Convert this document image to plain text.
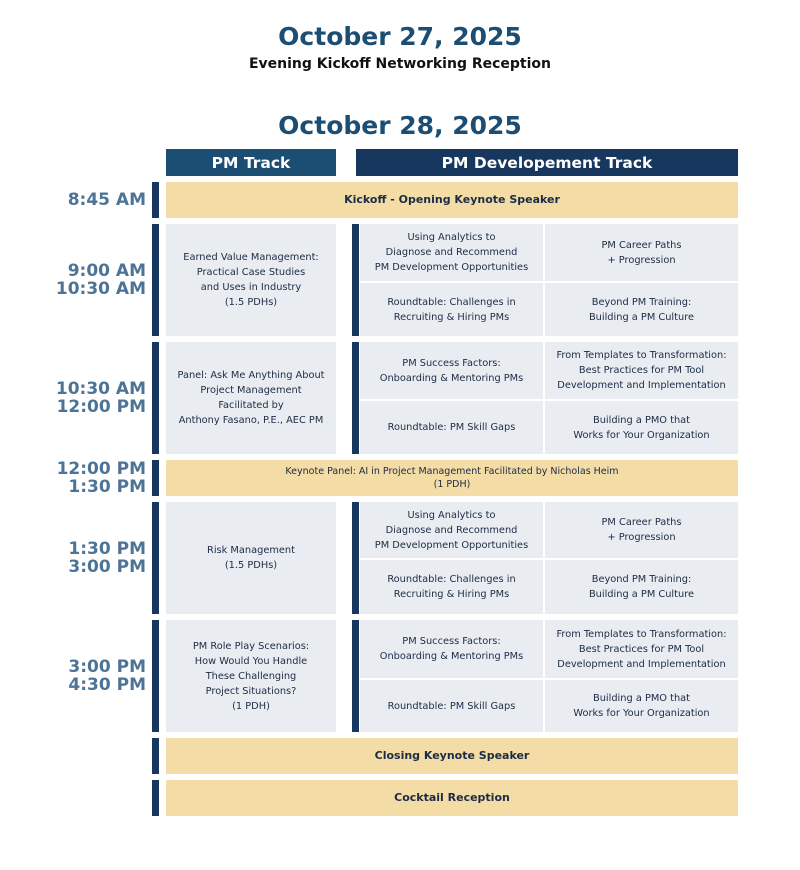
October 27, 2025
Evening Kickoff Networking Reception
October 28, 2025
PM Track	PM Developement Track
8:45 AM	Kickoff - Opening Keynote Speaker
9:00 AM
10:30 AM
Earned Value Management:
Practical Case Studies
and Uses in Industry
(1.5 PDHs)
Using Analytics to
Diagnose and Recommend
PM Development Opportunities
PM Career Paths
+ Progression
Roundtable: Challenges in
Recruiting & Hiring PMs
Beyond PM Training:
Building a PM Culture
10:30 AM
12:00 PM
Panel: Ask Me Anything About
Project Management
Facilitated by
Anthony Fasano, P.E., AEC PM
PM Success Factors:
Onboarding & Mentoring PMs
From Templates to Transformation:
Best Practices for PM Tool
Development and Implementation
Roundtable: PM Skill Gaps
Building a PMO that
Works for Your Organization
12:00 PM
1:30 PM
Keynote Panel: AI in Project Management Facilitated by Nicholas Heim
(1 PDH)
1:30 PM
3:00 PM
Risk Management
(1.5 PDHs)
Using Analytics to
Diagnose and Recommend
PM Development Opportunities
PM Career Paths
+ Progression
Roundtable: Challenges in
Recruiting & Hiring PMs
Beyond PM Training:
Building a PM Culture
3:00 PM
4:30 PM
PM Role Play Scenarios:
How Would You Handle
These Challenging
Project Situations?
(1 PDH)
PM Success Factors:
Onboarding & Mentoring PMs
From Templates to Transformation:
Best Practices for PM Tool
Development and Implementation
Roundtable: PM Skill Gaps
Building a PMO that
Works for Your Organization
Closing Keynote Speaker
Cocktail Reception
